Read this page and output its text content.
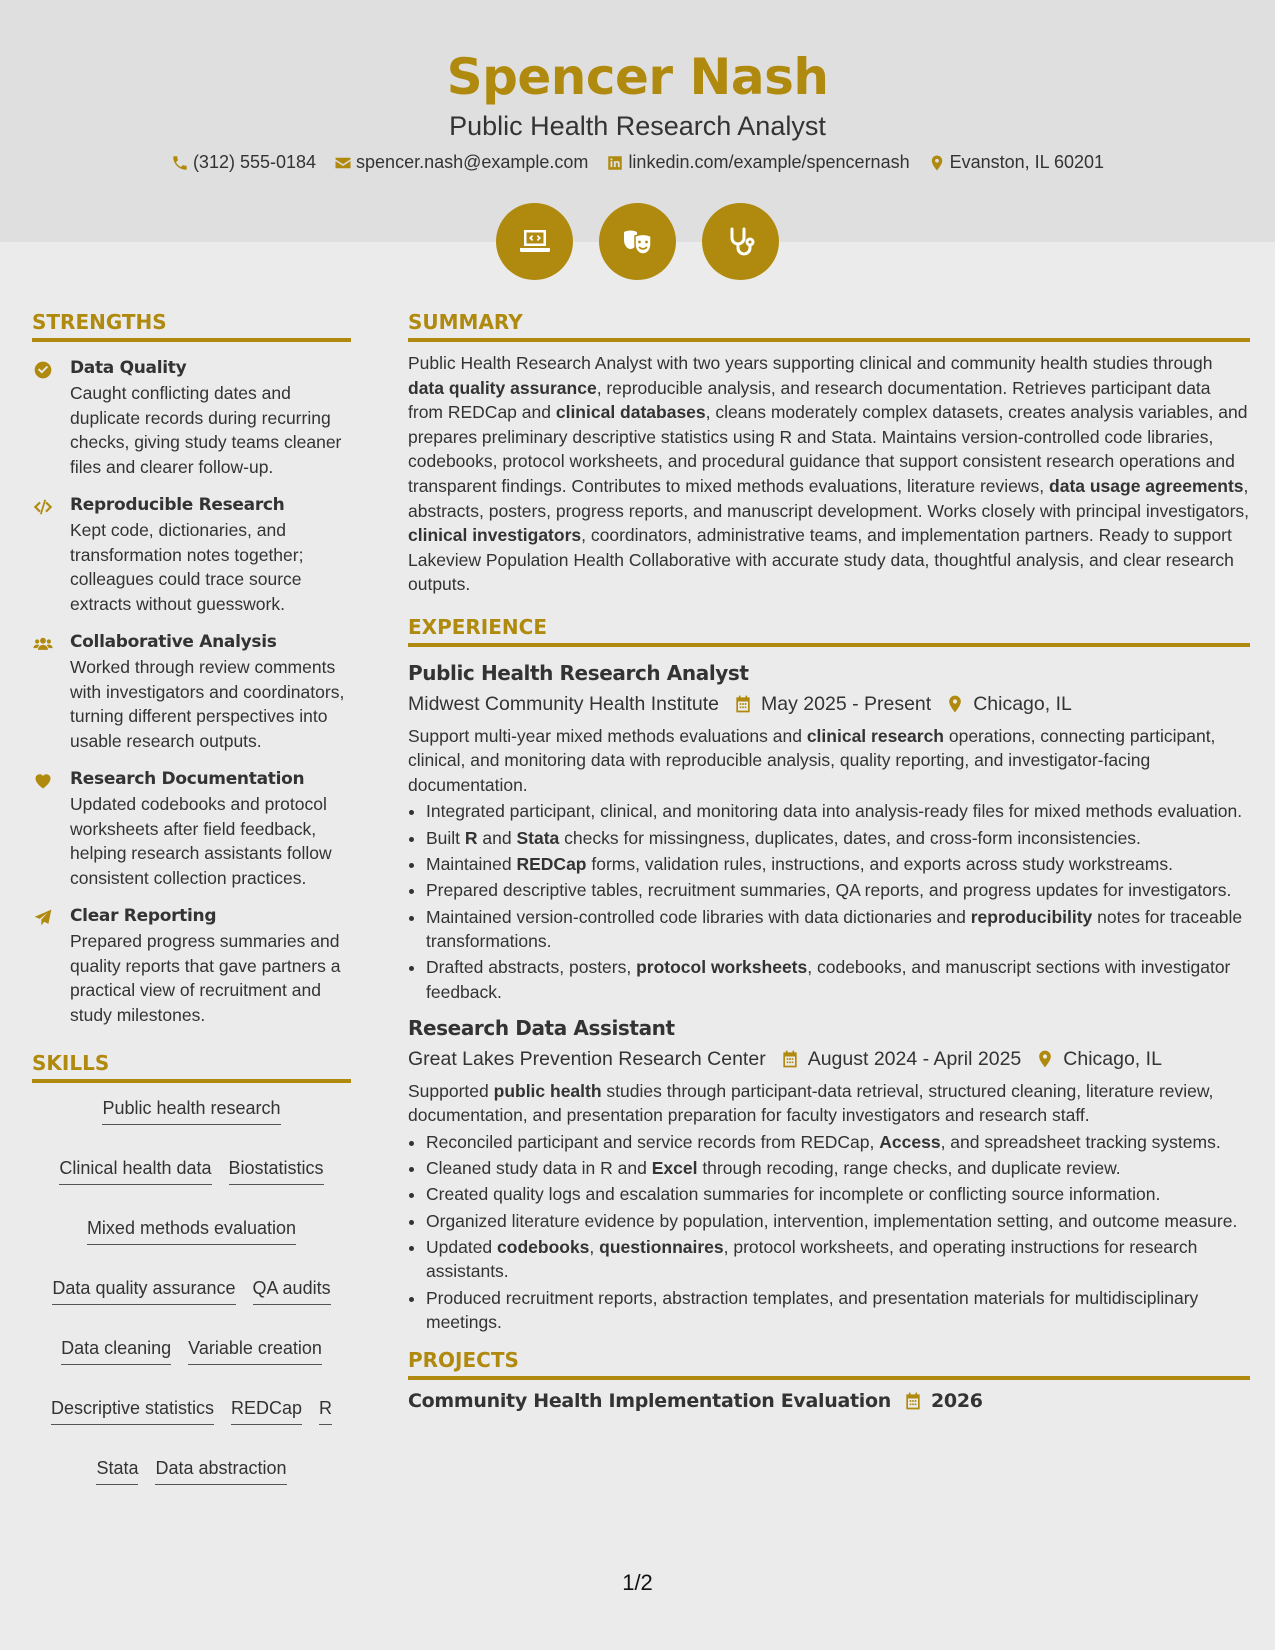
Spencer Nash
Public Health Research Analyst
(312) 555-0184 spencer.nash@example.com linkedin.com/example/spencernash Evanston, IL 60201
STRENGTHS
Data Quality
Caught conflicting dates and duplicate records during recurring checks, giving study teams cleaner files and clearer follow-up.
Reproducible Research
Kept code, dictionaries, and transformation notes together; colleagues could trace source extracts without guesswork.
Collaborative Analysis
Worked through review comments with investigators and coordinators, turning different perspectives into usable research outputs.
Research Documentation
Updated codebooks and protocol worksheets after field feedback, helping research assistants follow consistent collection practices.
Clear Reporting
Prepared progress summaries and quality reports that gave partners a practical view of recruitment and study milestones.
SKILLS
Public health research
Clinical health data Biostatistics
Mixed methods evaluation
Data quality assurance QA audits
Data cleaning Variable creation
Descriptive statistics REDCap R
Stata Data abstraction
SUMMARY
Public Health Research Analyst with two years supporting clinical and community health studies through data quality assurance, reproducible analysis, and research documentation. Retrieves participant data from REDCap and clinical databases, cleans moderately complex datasets, creates analysis variables, and prepares preliminary descriptive statistics using R and Stata. Maintains version-controlled code libraries, codebooks, protocol worksheets, and procedural guidance that support consistent research operations and transparent findings. Contributes to mixed methods evaluations, literature reviews, data usage agreements, abstracts, posters, progress reports, and manuscript development. Works closely with principal investigators, clinical investigators, coordinators, administrative teams, and implementation partners. Ready to support Lakeview Population Health Collaborative with accurate study data, thoughtful analysis, and clear research outputs.
EXPERIENCE
Public Health Research Analyst
Midwest Community Health Institute May 2025 - Present Chicago, IL
Support multi-year mixed methods evaluations and clinical research operations, connecting participant, clinical, and monitoring data with reproducible analysis, quality reporting, and investigator-facing documentation.
• Integrated participant, clinical, and monitoring data into analysis-ready files for mixed methods evaluation.
• Built R and Stata checks for missingness, duplicates, dates, and cross-form inconsistencies.
• Maintained REDCap forms, validation rules, instructions, and exports across study workstreams.
• Prepared descriptive tables, recruitment summaries, QA reports, and progress updates for investigators.
• Maintained version-controlled code libraries with data dictionaries and reproducibility notes for traceable transformations.
• Drafted abstracts, posters, protocol worksheets, codebooks, and manuscript sections with investigator feedback.
Research Data Assistant
Great Lakes Prevention Research Center August 2024 - April 2025 Chicago, IL
Supported public health studies through participant-data retrieval, structured cleaning, literature review, documentation, and presentation preparation for faculty investigators and research staff.
• Reconciled participant and service records from REDCap, Access, and spreadsheet tracking systems.
• Cleaned study data in R and Excel through recoding, range checks, and duplicate review.
• Created quality logs and escalation summaries for incomplete or conflicting source information.
• Organized literature evidence by population, intervention, implementation setting, and outcome measure.
• Updated codebooks, questionnaires, protocol worksheets, and operating instructions for research assistants.
• Produced recruitment reports, abstraction templates, and presentation materials for multidisciplinary meetings.
PROJECTS
Community Health Implementation Evaluation 2026
1/2
